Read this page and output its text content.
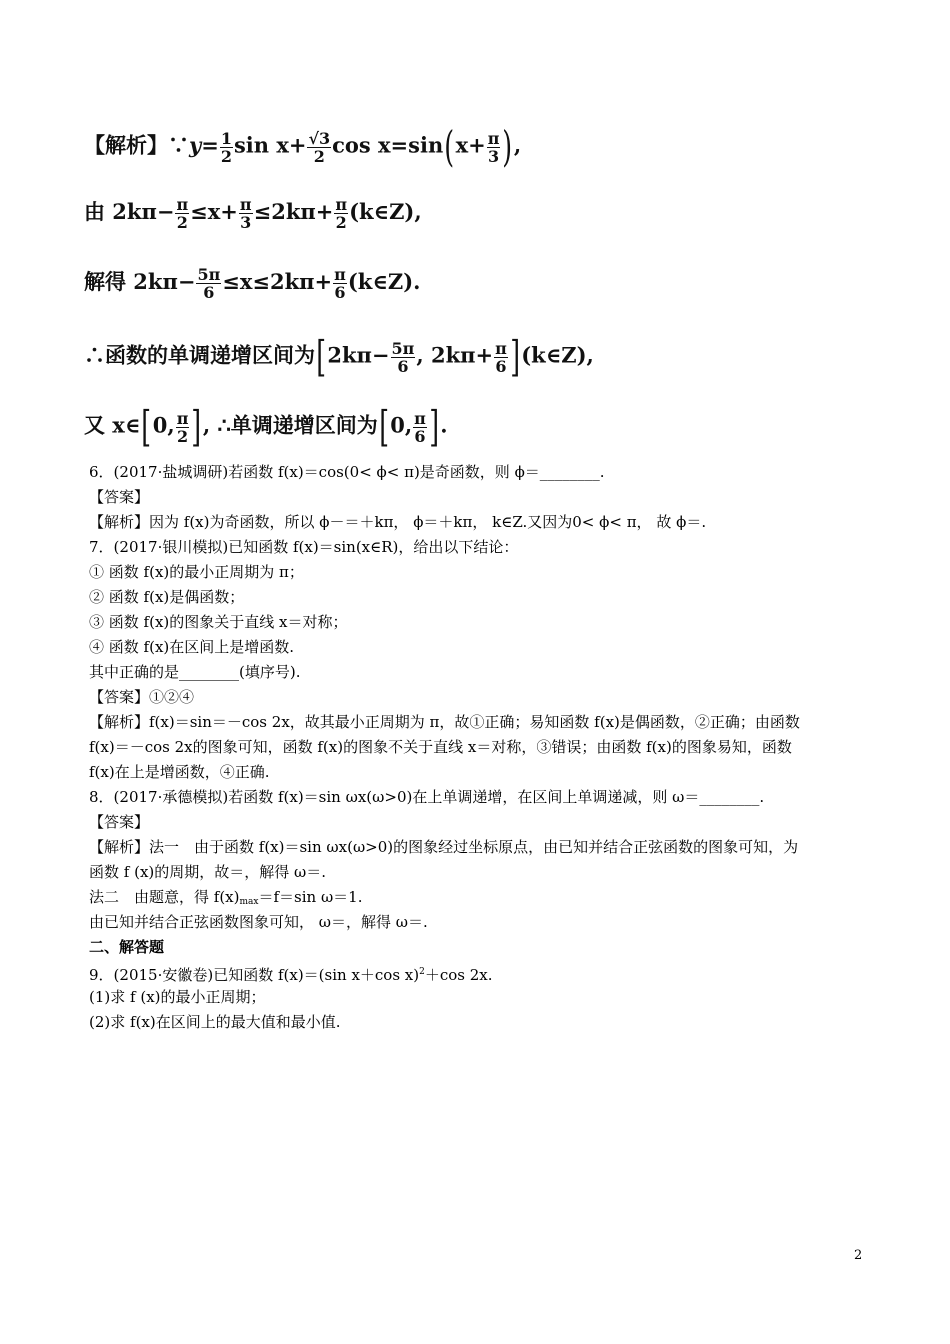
【解析】∵y= $\frac{1}{2}$ $\sin x+ \frac{√3}{2}$ $\cos x=\sin(x+ \frac{\pi}{3}$ ),
由 $2k\pi- \frac{\pi}{2} \le x+ \frac{\pi}{3} \le 2k\pi+ \frac{\pi}{2}$ (k∈Z),
解得 $2k\pi- \frac{5\pi}{6} \le x\le 2k\pi+ \frac{\pi}{6}$ (k∈Z).
∴函数的单调递增区间为[$2k\pi- \frac{5\pi}{6}$ , $2k\pi+ \frac{\pi}{6}$ ](k∈Z),
又 x∈[0, $\frac{\pi}{2}$ ], ∴单调递增区间为[0, $\frac{\pi}{6}$ ].
6．(2017·盐城调研)若函数 f(x)＝cos(0< ϕ< π)是奇函数，则 ϕ＝________.
【答案】
【解析】因为 f(x)为奇函数，所以 ϕ－＝＋kπ， ϕ＝＋kπ， k∈Z.又因为0< ϕ< π， 故 ϕ＝.
7．(2017·银川模拟)已知函数 f(x)＝sin(x∈R)，给出以下结论：
① 函数 f(x)的最小正周期为 π；
② 函数 f(x)是偶函数；
③ 函数 f(x)的图象关于直线 x＝对称；
④ 函数 f(x)在区间上是增函数.
其中正确的是________(填序号).
【答案】①②④
【解析】f(x)＝sin＝－cos 2x，故其最小正周期为 π，故①正确；易知函数 f(x)是偶函数，②正确；由函数
f(x)＝－cos 2x的图象可知，函数 f(x)的图象不关于直线 x＝对称，③错误；由函数 f(x)的图象易知，函数
f(x)在上是增函数，④正确.
8．(2017·承德模拟)若函数 f(x)＝sin ωx(ω>0)在上单调递增，在区间上单调递减，则 ω＝________.
【答案】
【解析】法一　由于函数 f(x)＝sin ωx(ω>0)的图象经过坐标原点，由已知并结合正弦函数的图象可知，为
函数 f (x)的周期，故＝，解得 ω＝.
法二　由题意，得 $f(x)_{max}=f=\sin$ ω＝1.
由已知并结合正弦函数图象可知， ω＝，解得 ω＝.
二、解答题
9．(2015·安徽卷)已知函数 f(x)＝(sin x＋cos x)$^2$＋cos 2x.
(1)求 f (x)的最小正周期；
(2)求 f(x)在区间上的最大值和最小值.
2
